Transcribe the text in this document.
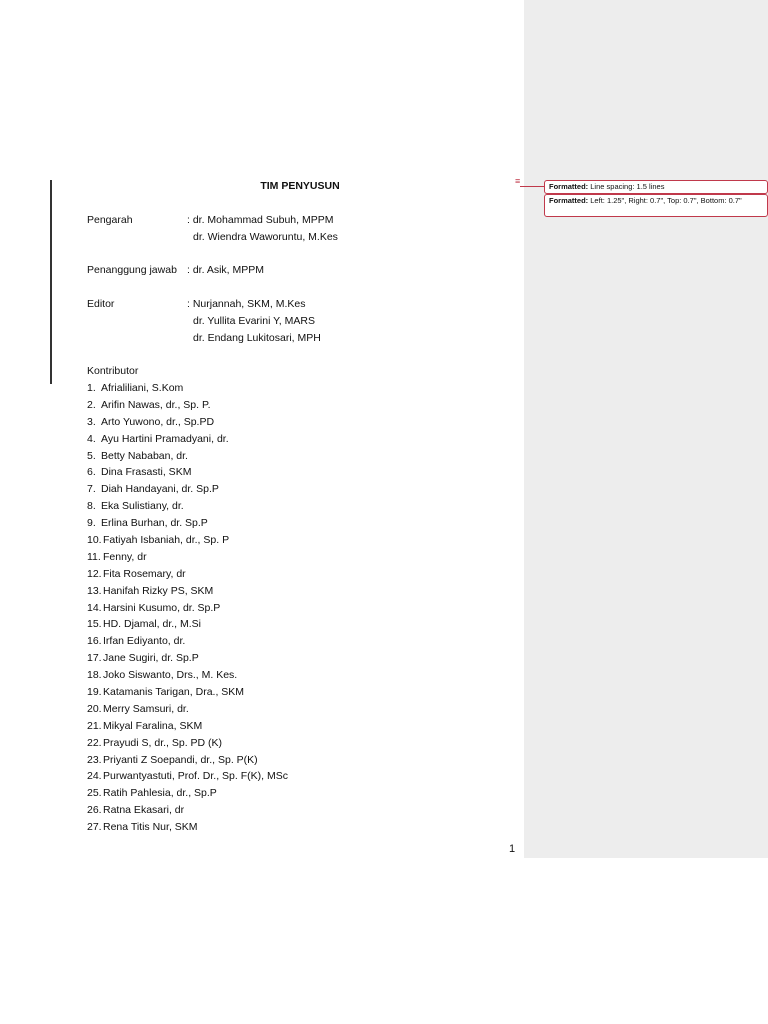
TIM PENYUSUN
Pengarah	: dr. Mohammad Subuh, MPPM
dr. Wiendra Waworuntu, M.Kes
Penanggung jawab : dr. Asik, MPPM
Editor	: Nurjannah, SKM, M.Kes
dr. Yullita Evarini Y, MARS
dr. Endang Lukitosari, MPH
Kontributor
1. Afrialiliani, S.Kom
2. Arifin Nawas, dr., Sp. P.
3. Arto Yuwono, dr., Sp.PD
4. Ayu Hartini Pramadyani, dr.
5. Betty Nababan, dr.
6. Dina Frasasti, SKM
7. Diah Handayani, dr. Sp.P
8. Eka Sulistiany, dr.
9. Erlina Burhan, dr. Sp.P
10.Fatiyah Isbaniah, dr., Sp. P
11. Fenny, dr
12.Fita Rosemary, dr
13.Hanifah Rizky PS, SKM
14.Harsini Kusumo, dr. Sp.P
15.HD. Djamal, dr., M.Si
16.Irfan Ediyanto, dr.
17.Jane Sugiri, dr. Sp.P
18.Joko Siswanto, Drs., M. Kes.
19.Katamanis Tarigan, Dra., SKM
20.Merry Samsuri, dr.
21.Mikyal Faralina, SKM
22.Prayudi S, dr., Sp. PD (K)
23.Priyanti Z Soepandi, dr., Sp. P(K)
24.Purwantyastuti, Prof. Dr., Sp. F(K), MSc
25.Ratih Pahlesia, dr., Sp.P
26.Ratna Ekasari, dr
27.Rena Titis Nur, SKM
1
≡
Formatted: Line spacing: 1.5 lines
Formatted: Left: 1.25", Right: 0.7", Top: 0.7", Bottom: 0.7"
